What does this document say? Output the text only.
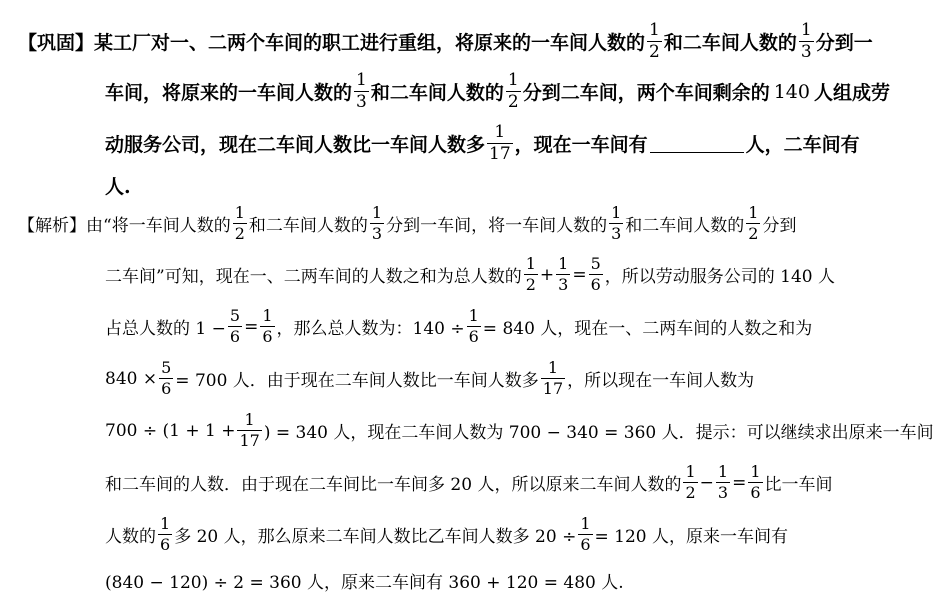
【巩固】 某工厂对一、二两个车间的职工进行重组，将原来的一车间人数的 $\frac{1}{2}$ 和二车间人数的 $\frac{1}{3}$ 分到一
车间，将原来的一车间人数的 $\frac{1}{3}$ 和二车间人数的 $\frac{1}{2}$ 分到二车间，两个车间剩余的 140 人组成劳
动服务公司，现在二车间人数比一车间人数多 $\frac{1}{17}$ ，现在一车间有	人，二车间有
人.
【解析】 由“将一车间人数的 $\frac{1}{2}$ 和二车间人数的 $\frac{1}{3}$ 分到一车间，将一车间人数的 $\frac{1}{3}$ 和二车间人数的 $\frac{1}{2}$ 分到
二车间”可知，现在一、二两车间的人数之和为总人数的 $\frac{1}{2} + \frac{1}{3} = \frac{5}{6}$ ，所以劳动服务公司的 140 人
占总人数的 $1 - \frac{5}{6} = \frac{1}{6}$ ，那么总人数为：$140 \div \frac{1}{6} = 840$ 人，现在一、二两车间的人数之和为
$840 \times \frac{5}{6} = 700$ 人．由于现在二车间人数比一车间人数多 $\frac{1}{17}$ ，所以现在一车间人数为
$700 \div (1 + 1 + \frac{1}{17}$ ) = 340 人，现在二车间人数为 700 − 340 = 360 人．提示：可以继续求出原来一车间
和二车间的人数．由于现在二车间比一车间多 20 人，所以原来二车间人数的 $\frac{1}{2} - \frac{1}{3} = \frac{1}{6}$ 比一车间
人数的 $\frac{1}{6}$ 多 20 人，那么原来二车间人数比乙车间人数多 $20 \div \frac{1}{6} = 120$ 人，原来一车间有
(840 − 120) ÷ 2 = 360 人，原来二车间有 360 + 120 = 480 人.
